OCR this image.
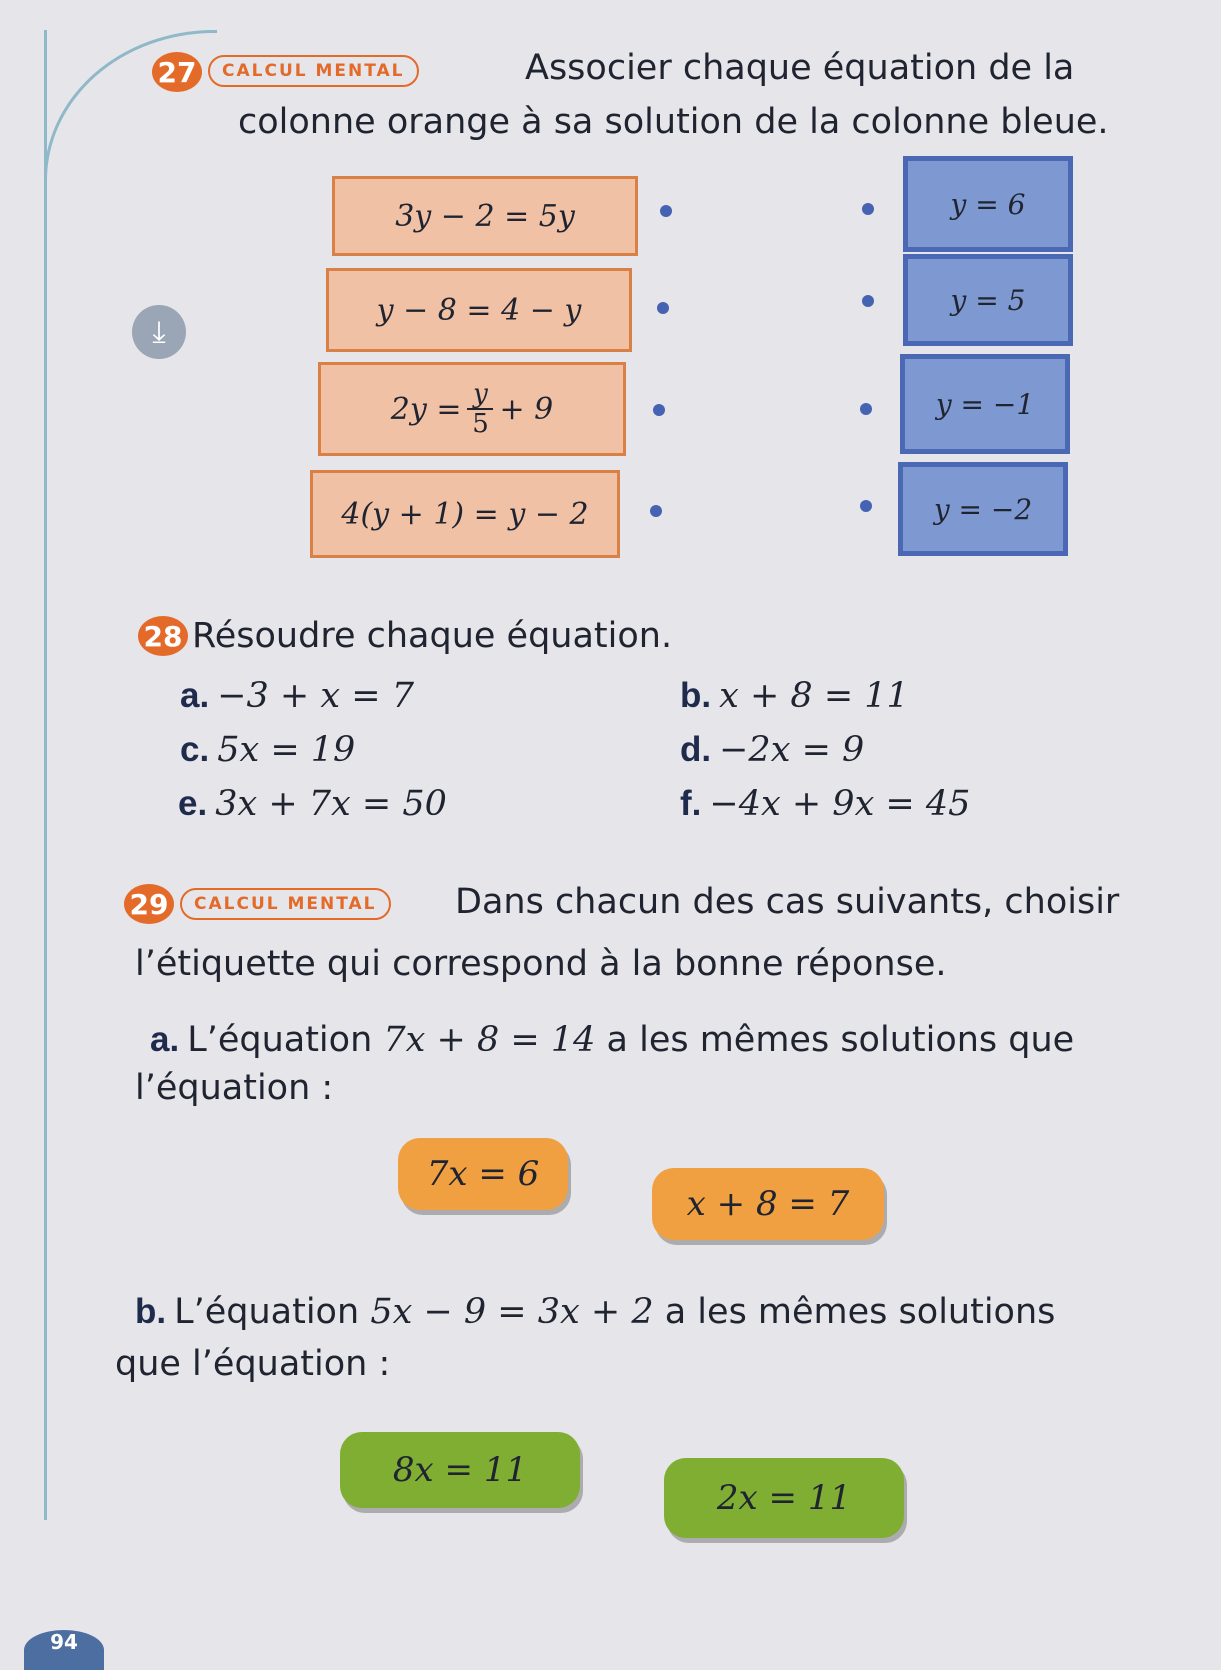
27	CALCUL MENTAL	Associer chaque équation de la
colonne orange à sa solution de la colonne bleue.
⤓
3y − 2 = 5y
y − 8 = 4 − y
2y = y
5 + 9
4(y + 1) = y − 2
y = 6
y = 5
y = −1
y = −2
28 Résoudre chaque équation.
a. −3 + x = 7	b. x + 8 = 11
c. 5x = 19	d. −2x = 9
e. 3x + 7x = 50	f. −4x + 9x = 45
29	CALCUL MENTAL	Dans chacun des cas suivants, choisir
l’étiquette qui correspond à la bonne réponse.
a. L’équation 7x + 8 = 14 a les mêmes solutions que
l’équation :
7x = 6
x + 8 = 7
b. L’équation 5x − 9 = 3x + 2 a les mêmes solutions
que l’équation :
8x = 11
2x = 11
94
